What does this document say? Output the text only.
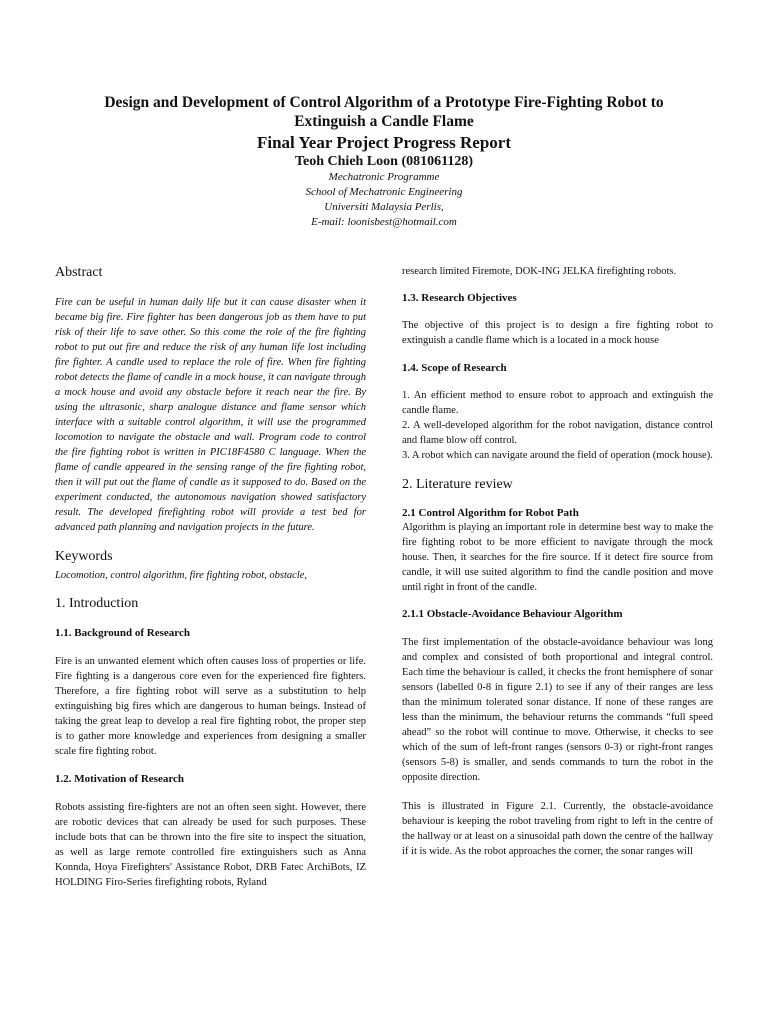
Design and Development of Control Algorithm of a Prototype Fire-Fighting Robot to

Extinguish a Candle Flame

Final Year Project Progress Report

Teoh Chieh Loon (081061128)

Mechatronic Programme

School of Mechatronic Engineering

Universiti Malaysia Perlis,

E-mail: loonisbest@hotmail.com

Abstract

Fire can be useful in human daily life but it can cause disaster when it became big fire. Fire fighter has been dangerous job as them have to put risk of their life to save other. So this come the role of the fire fighting robot to put out fire and reduce the risk of any human life lost including fire fighter. A candle used to replace the role of fire. When fire fighting robot detects the flame of candle in a mock house, it can navigate through a mock house and avoid any obstacle before it reach near the fire. By using the ultrasonic, sharp analogue distance and flame sensor which interface with a suitable control algorithm, it will use the programmed locomotion to navigate the obstacle and wall. Program code to control the fire fighting robot is written in PIC18F4580 C language. When the flame of candle appeared in the sensing range of the fire fighting robot, then it will put out the flame of candle as it supposed to do. Based on the experiment conducted, the autonomous navigation showed satisfactory result. The developed firefighting robot will provide a test bed for advanced path planning and navigation projects in the future.

Keywords

Locomotion, control algorithm, fire fighting robot, obstacle,

1. Introduction
1.1. Background of Research

Fire is an unwanted element which often causes loss of properties or life. Fire fighting is a dangerous core even for the experienced fire fighters. Therefore, a fire fighting robot will serve as a substitution to help extinguishing big fires which are dangerous to human beings. Instead of taking the great leap to develop a real fire fighting robot, the proper step is to gather more knowledge and experiences from designing a smaller scale fire fighting robot.

1.2. Motivation of Research

Robots assisting fire-fighters are not an often seen sight. However, there are robotic devices that can already be used for such purposes. These include bots that can be thrown into the fire site to inspect the situation, as well as large remote controlled fire extinguishers such as Anna Konnda, Hoya Firefighters' Assistance Robot, DRB Fatec ArchiBots, IZ HOLDING Firo-Series firefighting robots, Ryland

research limited Firemote, DOK-ING JELKA firefighting robots.

1.3. Research Objectives

The objective of this project is to design a fire fighting robot to extinguish a candle flame which is a located in a mock house

1.4. Scope of Research

1. An efficient method to ensure robot to approach and extinguish the candle flame.

2. A well-developed algorithm for the robot navigation, distance control and flame blow off control.

3. A robot which can navigate around the field of operation (mock house).

2. Literature review
2.1 Control Algorithm for Robot Path

Algorithm is playing an important role in determine best way to make the fire fighting robot to be more efficient to navigate through the mock house. Then, it searches for the fire source. If it detect fire source from candle, it will use suited algorithm to find the candle position and move until right in front of the candle.

2.1.1 Obstacle-Avoidance Behaviour Algorithm

The first implementation of the obstacle-avoidance behaviour was long and complex and consisted of both proportional and integral control. Each time the behaviour is called, it checks the front hemisphere of sonar sensors (labelled 0-8 in figure 2.1) to see if any of their ranges are less than the minimum tolerated sonar distance. If none of these ranges are less than the minimum, the behaviour returns the commands “full speed ahead” so the robot will continue to move. Otherwise, it checks to see which of the sum of left-front ranges (sensors 0-3) or right-front ranges (sensors 5-8) is smaller, and sends commands to turn the robot in the opposite direction.

This is illustrated in Figure 2.1. Currently, the obstacle-avoidance behaviour is keeping the robot traveling from right to left in the centre of the hallway or at least on a sinusoidal path down the centre of the hallway if it is wide. As the robot approaches the corner, the sonar ranges will
